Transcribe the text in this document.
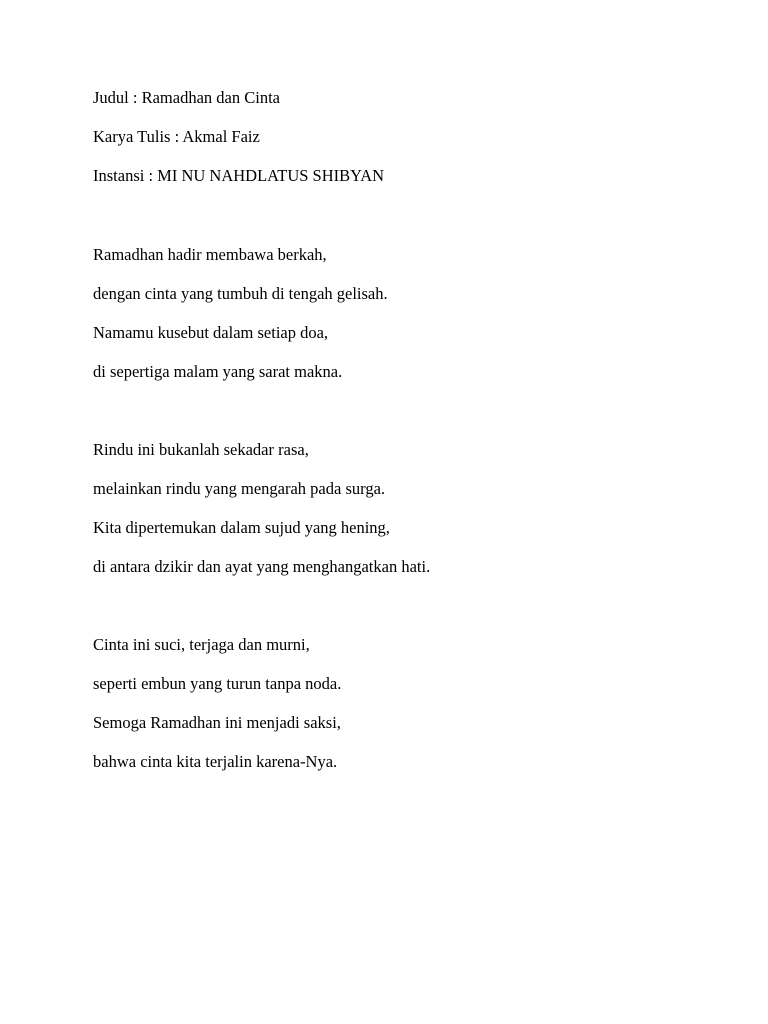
Judul : Ramadhan dan Cinta
Karya Tulis : Akmal Faiz
Instansi : MI NU NAHDLATUS SHIBYAN
Ramadhan hadir membawa berkah,
dengan cinta yang tumbuh di tengah gelisah.
Namamu kusebut dalam setiap doa,
di sepertiga malam yang sarat makna.
Rindu ini bukanlah sekadar rasa,
melainkan rindu yang mengarah pada surga.
Kita dipertemukan dalam sujud yang hening,
di antara dzikir dan ayat yang menghangatkan hati.
Cinta ini suci, terjaga dan murni,
seperti embun yang turun tanpa noda.
Semoga Ramadhan ini menjadi saksi,
bahwa cinta kita terjalin karena-Nya.
